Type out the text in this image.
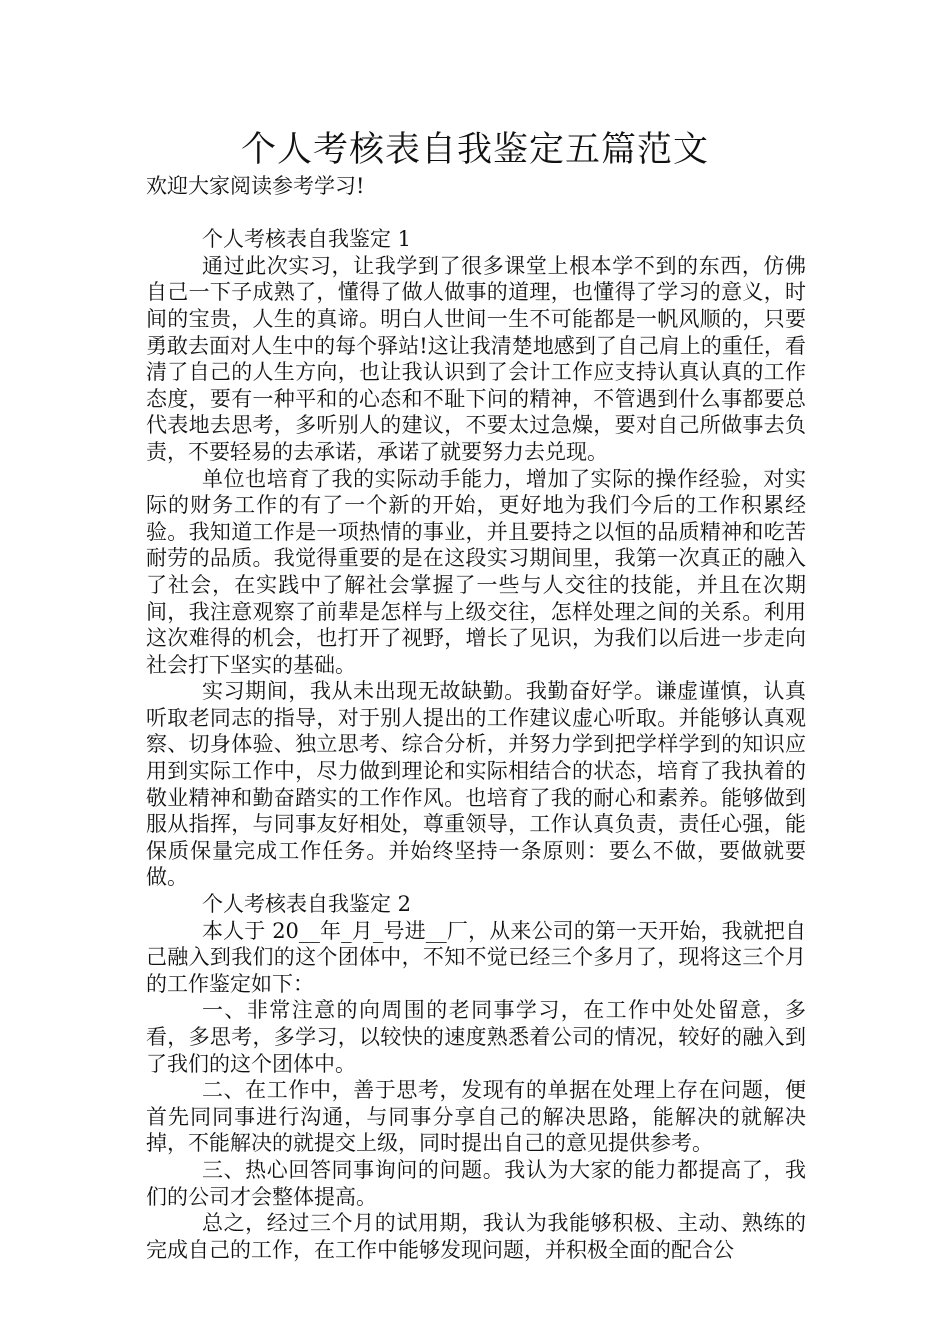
个人考核表自我鉴定五篇范文

欢迎大家阅读参考学习!

个人考核表自我鉴定 1

通过此次实习，让我学到了很多课堂上根本学不到的东西，仿佛自己一下子成熟了，懂得了做人做事的道理，也懂得了学习的意义，时间的宝贵，人生的真谛。明白人世间一生不可能都是一帆风顺的，只要勇敢去面对人生中的每个驿站!这让我清楚地感到了自己肩上的重任，看清了自己的人生方向，也让我认识到了会计工作应支持认真认真的工作态度，要有一种平和的心态和不耻下问的精神，不管遇到什么事都要总代表地去思考，多听别人的建议，不要太过急燥，要对自己所做事去负责，不要轻易的去承诺，承诺了就要努力去兑现。

单位也培育了我的实际动手能力，增加了实际的操作经验，对实际的财务工作的有了一个新的开始，更好地为我们今后的工作积累经验。我知道工作是一项热情的事业，并且要持之以恒的品质精神和吃苦耐劳的品质。我觉得重要的是在这段实习期间里，我第一次真正的融入了社会，在实践中了解社会掌握了一些与人交往的技能，并且在次期间，我注意观察了前辈是怎样与上级交往，怎样处理之间的关系。利用这次难得的机会，也打开了视野，增长了见识，为我们以后进一步走向社会打下坚实的基础。

实习期间，我从未出现无故缺勤。我勤奋好学。谦虚谨慎，认真听取老同志的指导，对于别人提出的工作建议虚心听取。并能够认真观察、切身体验、独立思考、综合分析，并努力学到把学样学到的知识应用到实际工作中，尽力做到理论和实际相结合的状态，培育了我执着的敬业精神和勤奋踏实的工作作风。也培育了我的耐心和素养。能够做到服从指挥，与同事友好相处，尊重领导，工作认真负责，责任心强，能保质保量完成工作任务。并始终坚持一条原则：要么不做，要做就要做。

个人考核表自我鉴定 2

本人于 20__年_月_号进__厂，从来公司的第一天开始，我就把自己融入到我们的这个团体中，不知不觉已经三个多月了，现将这三个月的工作鉴定如下：

一、非常注意的向周围的老同事学习，在工作中处处留意，多看，多思考，多学习，以较快的速度熟悉着公司的情况，较好的融入到了我们的这个团体中。

二、在工作中，善于思考，发现有的单据在处理上存在问题，便首先同同事进行沟通，与同事分享自己的解决思路，能解决的就解决掉，不能解决的就提交上级，同时提出自己的意见提供参考。

三、热心回答同事询问的问题。我认为大家的能力都提高了，我们的公司才会整体提高。

总之，经过三个月的试用期，我认为我能够积极、主动、熟练的完成自己的工作，在工作中能够发现问题，并积极全面的配合公
